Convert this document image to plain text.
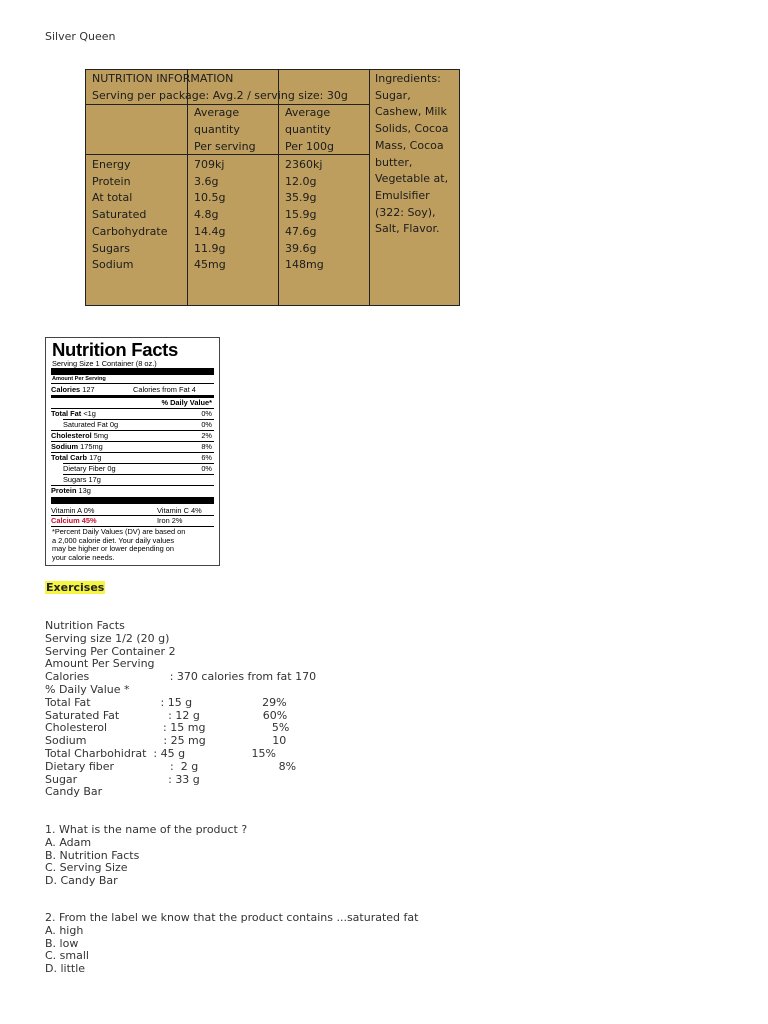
Silver Queen
NUTRITION INFORMATION
Serving per package: Avg.2 / serving size: 30g
Average
quantity
Per serving
Average
quantity
Per 100g
Energy	709kj	2360kj
Protein	3.6g	12.0g
At total	10.5g	35.9g
Saturated	4.8g	15.9g
Carbohydrate 14.4g	47.6g
Sugars	11.9g	39.6g
Sodium	45mg	148mg
Ingredients:
Sugar,
Cashew, Milk
Solids, Cocoa
Mass, Cocoa
butter,
Vegetable at,
Emulsifier
(322: Soy),
Salt, Flavor.
Nutrition Facts
Serving Size 1 Container (8 oz.)
Amount Per Serving
Calories 127	Calories from Fat 4
% Daily Value*
Total Fat <1g	0%
Saturated Fat 0g	0%
Cholesterol 5mg	2%
Sodium 175mg	8%
Total Carb 17g	6%
Dietary Fiber 0g	0%
Sugars 17g
Protein 13g
Vitamin A 0%	Vitamin C 4%
Calcium 45%	Iron 2%
*Percent Daily Values (DV) are based on
a 2,000 calorie diet. Your daily values
may be higher or lower depending on
your calorie needs.
Exercises
Nutrition Facts
Serving size 1/2 (20 g)
Serving Per Container 2
Amount Per Serving
Calories                       : 370 calories from fat 170
% Daily Value *
Total Fat                    : 15 g                    29%
Saturated Fat              : 12 g                  60%
Cholesterol                : 15 mg                   5%
Sodium                      : 25 mg                   10
Total Charbohidrat  : 45 g                   15%
Dietary fiber                :  2 g                       8%
Sugar                          : 33 g
Candy Bar
1. What is the name of the product ?
A. Adam
B. Nutrition Facts
C. Serving Size
D. Candy Bar
2. From the label we know that the product contains ...saturated fat
A. high
B. low
C. small
D. little
